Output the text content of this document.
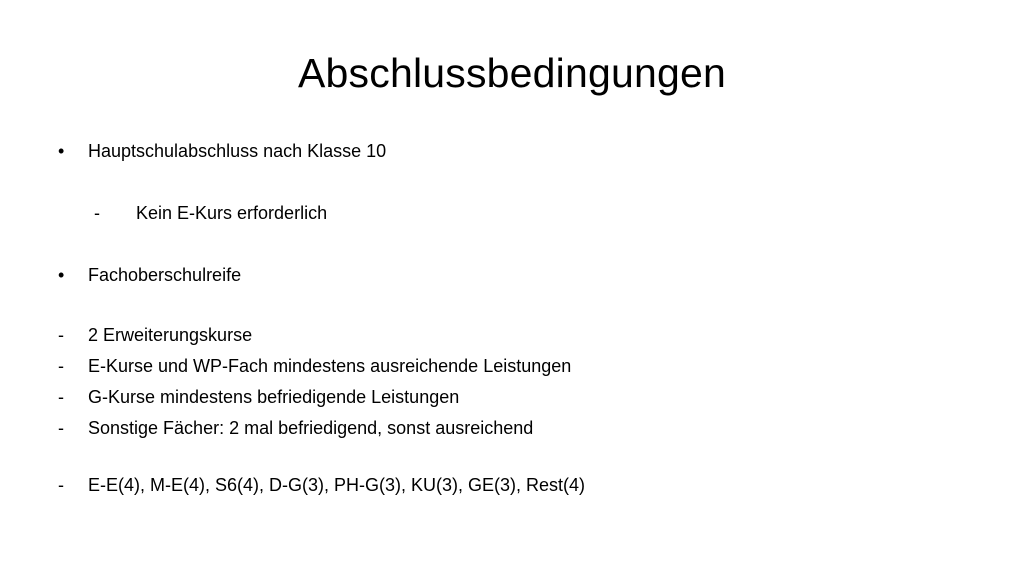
Abschlussbedingungen
• Hauptschulabschluss nach Klasse 10
- Kein E-Kurs erforderlich
• Fachoberschulreife
- 2 Erweiterungskurse
- E-Kurse und WP-Fach mindestens ausreichende Leistungen
- G-Kurse mindestens befriedigende Leistungen
- Sonstige Fächer: 2 mal befriedigend, sonst ausreichend
- E-E(4), M-E(4), S6(4), D-G(3), PH-G(3), KU(3), GE(3), Rest(4)
